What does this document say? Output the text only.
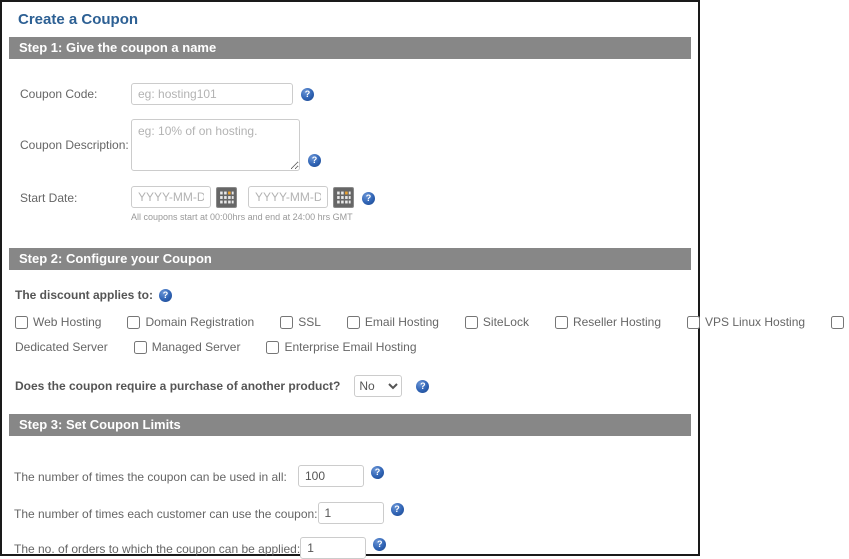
Create a Coupon
Step 1: Give the coupon a name
Coupon Code:
eg: hosting101	?
Coupon Description:
eg: 10% of on hosting.
?
Start Date:
YYYY-MM-DD
YYYY-MM-DD	?
All coupons start at 00:00hrs and end at 24:00 hrs GMT
Step 2: Configure your Coupon
The discount applies to:	?
Web Hosting	Domain Registration	SSL	Email Hosting	SiteLock	Reseller Hosting	VPS Linux Hosting
Dedicated Server	Managed Server	Enterprise Email Hosting
Does the coupon require a purchase of another product?
No	?
Step 3: Set Coupon Limits
The number of times the coupon can be used in all:
100	?
The number of times each customer can use the coupon:
1	?
The no. of orders to which the coupon can be applied:
1	?
